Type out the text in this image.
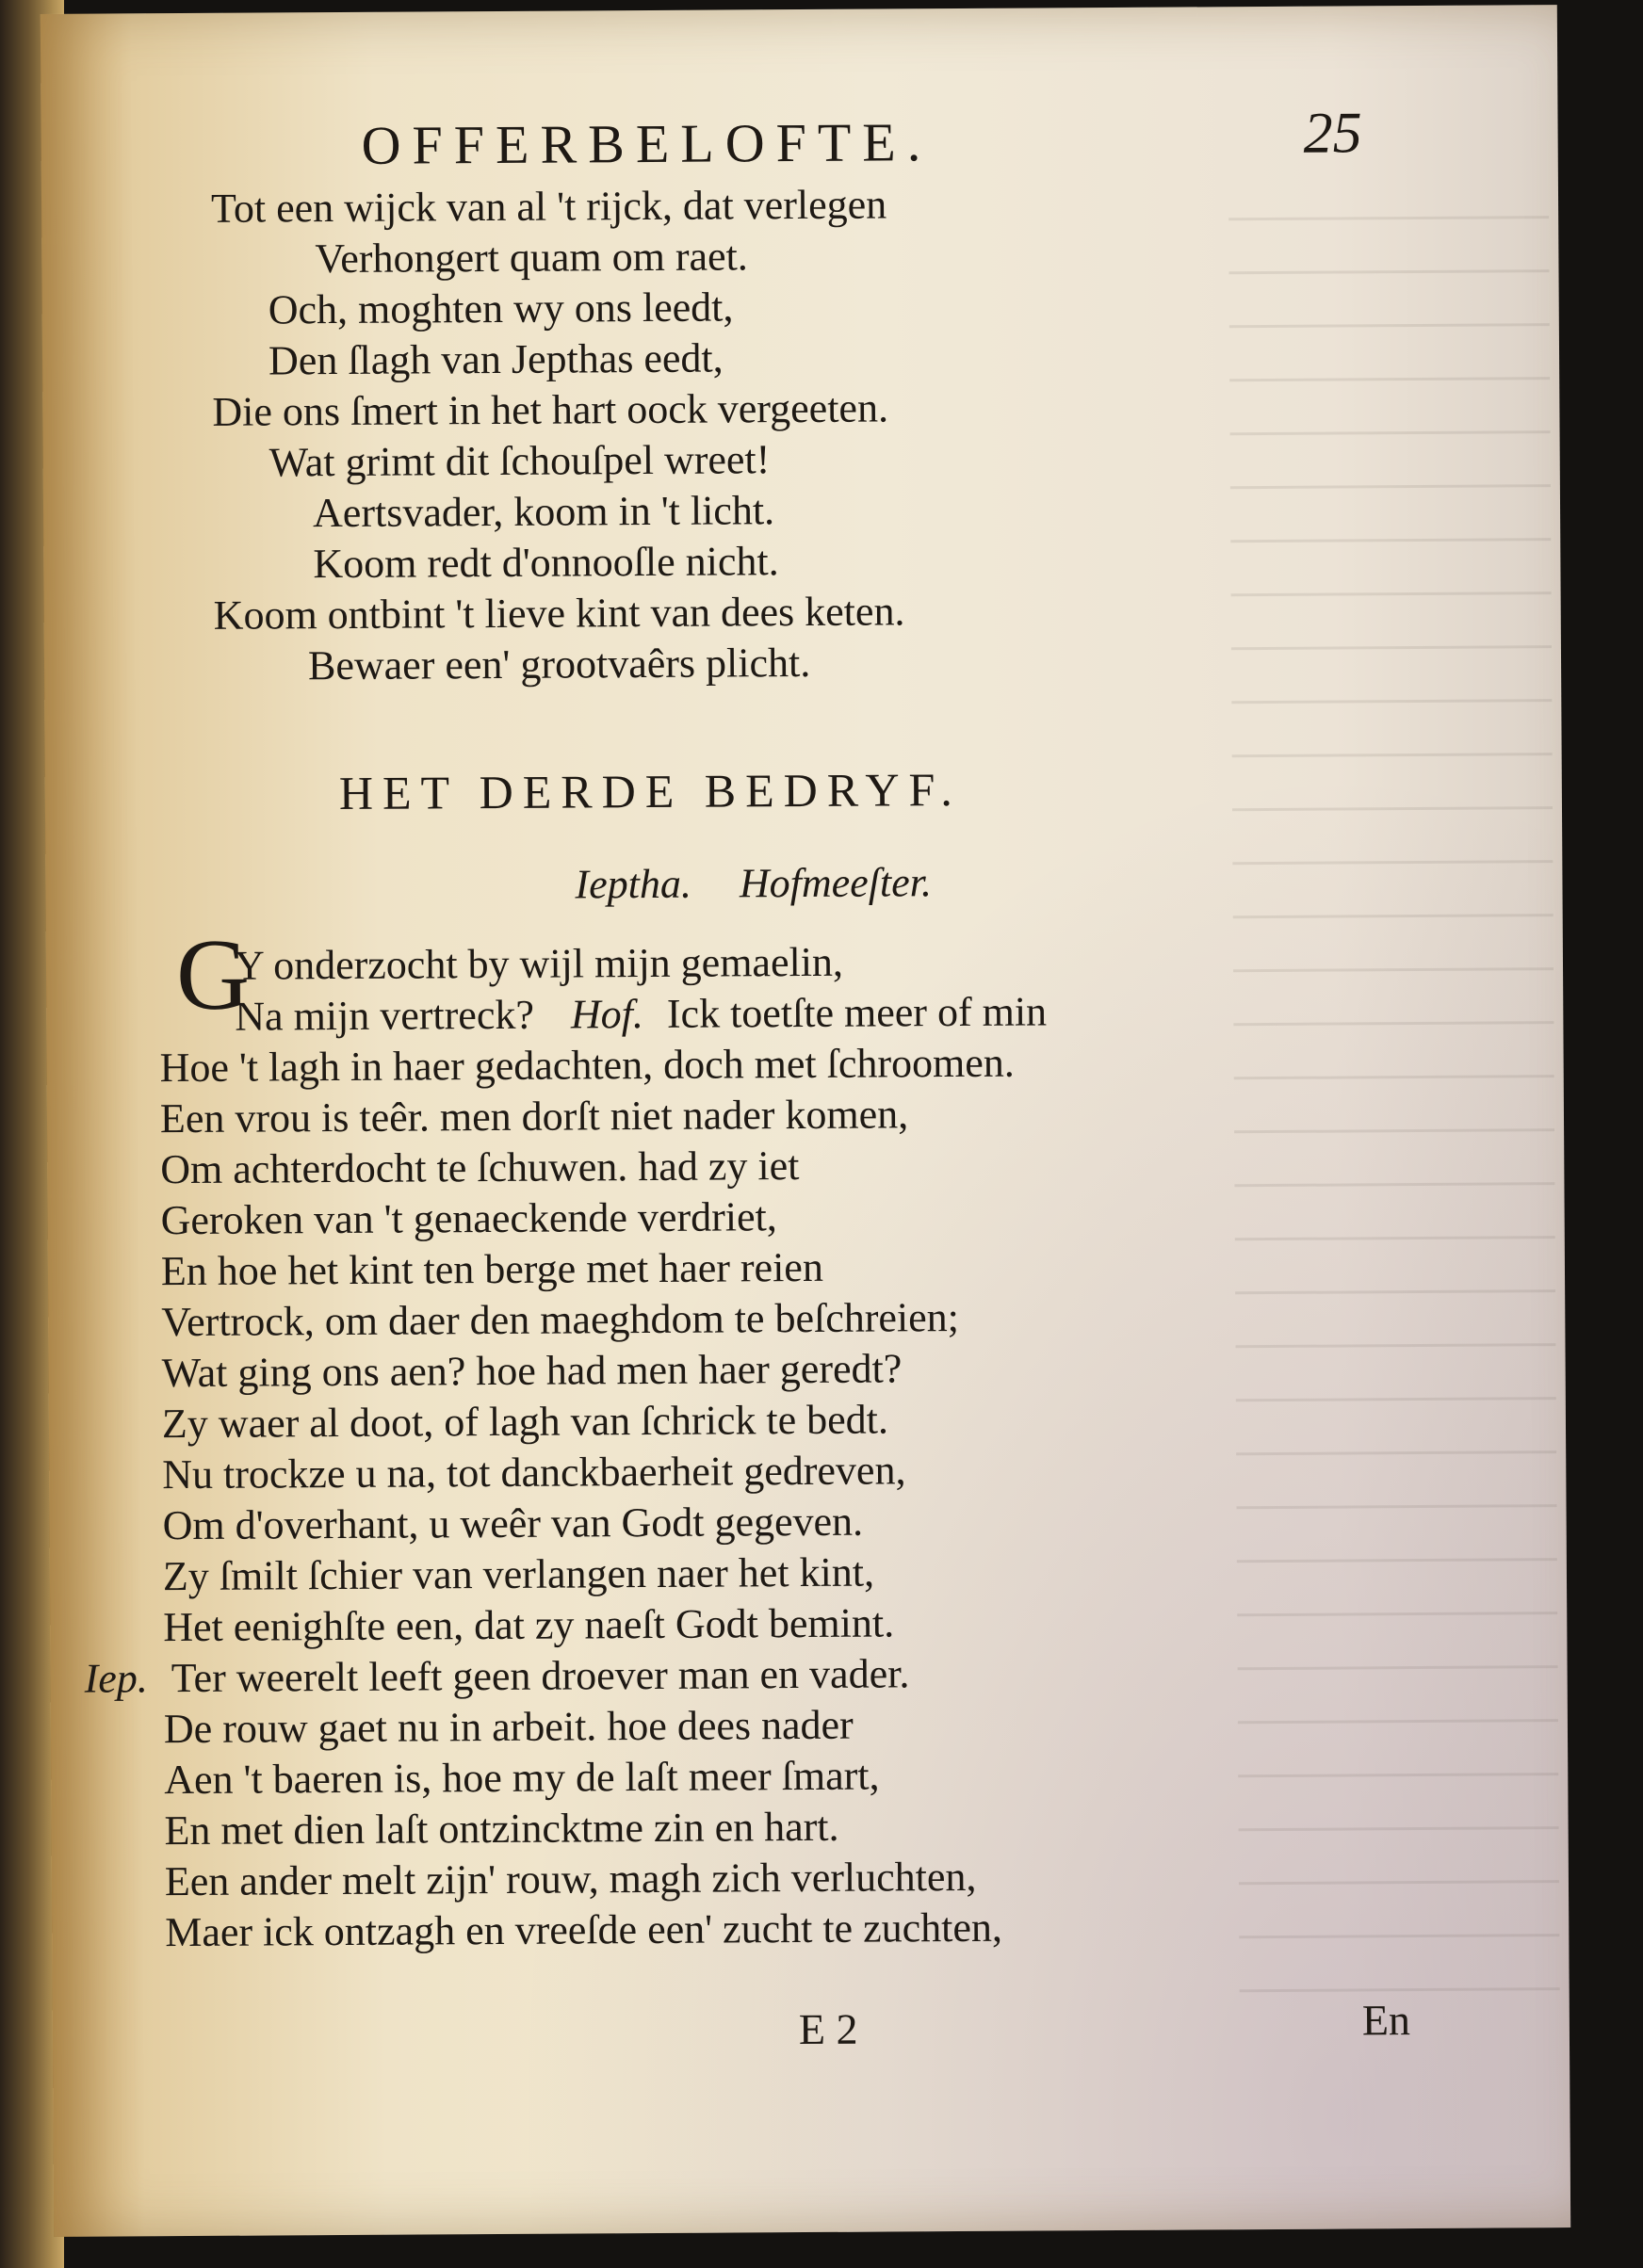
OFFERBELOFTE.	25
Tot een wijck van al 't rijck, dat verlegen
Verhongert quam om raet.
Och, moghten wy ons leedt,
Den ſlagh van Jepthas eedt,
Die ons ſmert in het hart oock vergeeten.
Wat grimt dit ſchouſpel wreet!
Aertsvader, koom in 't licht.
Koom redt d'onnooſle nicht.
Koom ontbint 't lieve kint van dees keten.
Bewaer een' grootvaêrs plicht.
HET DERDE BEDRYF.
Ieptha. Hofmeeſter.
G
Y onderzocht by wijl mijn gemaelin,
Na mijn vertreck? Hof. Ick toetſte meer of min
Hoe 't lagh in haer gedachten, doch met ſchroomen.
Een vrou is teêr. men dorſt niet nader komen,
Om achterdocht te ſchuwen. had zy iet
Geroken van 't genaeckende verdriet,
En hoe het kint ten berge met haer reien
Vertrock, om daer den maeghdom te beſchreien;
Wat ging ons aen? hoe had men haer geredt?
Zy waer al doot, of lagh van ſchrick te bedt.
Nu trockze u na, tot danckbaerheit gedreven,
Om d'overhant, u weêr van Godt gegeven.
Zy ſmilt ſchier van verlangen naer het kint,
Het eenighſte een, dat zy naeſt Godt bemint.
Iep. Ter weerelt leeft geen droever man en vader.
De rouw gaet nu in arbeit. hoe dees nader
Aen 't baeren is, hoe my de laſt meer ſmart,
En met dien laſt ontzincktme zin en hart.
Een ander melt zijn' rouw, magh zich verluchten,
Maer ick ontzagh en vreeſde een' zucht te zuchten,
E 2	En
